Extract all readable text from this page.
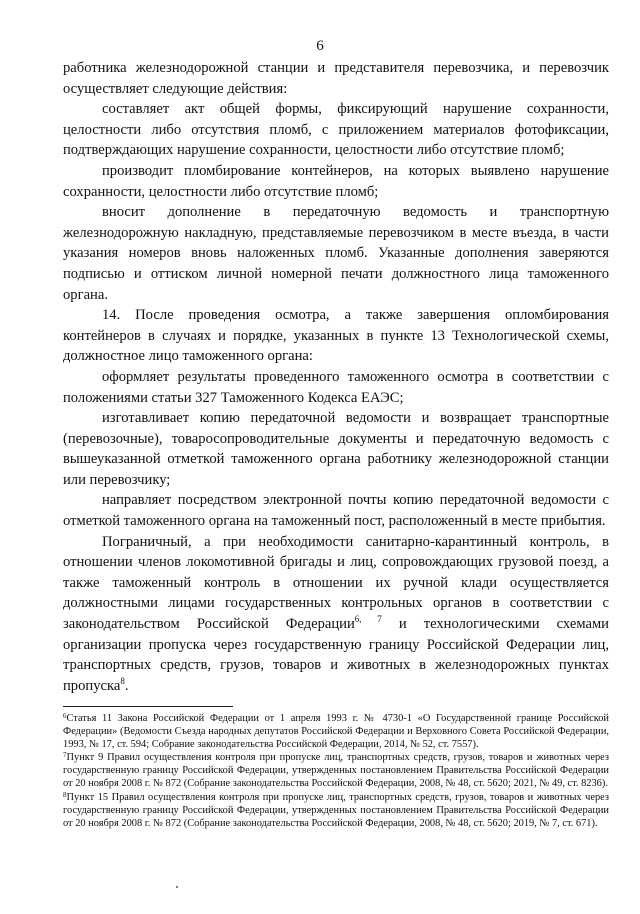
6

работника железнодорожной станции и представителя перевозчика, и перевозчик осуществляет следующие действия:

составляет акт общей формы, фиксирующий нарушение сохранности, целостности либо отсутствия пломб, с приложением материалов фотофиксации, подтверждающих нарушение сохранности, целостности либо отсутствие пломб;

производит пломбирование контейнеров, на которых выявлено нарушение сохранности, целостности либо отсутствие пломб;

вносит дополнение в передаточную ведомость и транспортную железнодорожную накладную, представляемые перевозчиком в месте въезда, в части указания номеров вновь наложенных пломб. Указанные дополнения заверяются подписью и оттиском личной номерной печати должностного лица таможенного органа.

14. После проведения осмотра, а также завершения опломбирования контейнеров в случаях и порядке, указанных в пункте 13 Технологической схемы, должностное лицо таможенного органа:

оформляет результаты проведенного таможенного осмотра в соответствии с положениями статьи 327 Таможенного Кодекса ЕАЭС;

изготавливает копию передаточной ведомости и возвращает транспортные (перевозочные), товаросопроводительные документы и передаточную ведомость с вышеуказанной отметкой таможенного органа работнику железнодорожной станции или перевозчику;

направляет посредством электронной почты копию передаточной ведомости с отметкой таможенного органа на таможенный пост, расположенный в месте прибытия.

Пограничный, а при необходимости санитарно-карантинный контроль, в отношении членов локомотивной бригады и лиц, сопровождающих грузовой поезд, а также таможенный контроль в отношении их ручной клади осуществляется должностными лицами государственных контрольных органов в соответствии с законодательством Российской Федерации$^{6, 7}$ и технологическими схемами организации пропуска через государственную границу Российской Федерации лиц, транспортных средств, грузов, товаров и животных в железнодорожных пунктах пропуска$^8$.

$^6$Статья 11 Закона Российской Федерации от 1 апреля 1993 г. № 4730-1 «О Государственной границе Российской Федерации» (Ведомости Съезда народных депутатов Российской Федерации и Верховного Совета Российской Федерации, 1993, № 17, ст. 594; Собрание законодательства Российской Федерации, 2014, № 52, ст. 7557).

$^7$Пункт 9 Правил осуществления контроля при пропуске лиц, транспортных средств, грузов, товаров и животных через государственную границу Российской Федерации, утвержденных постановлением Правительства Российской Федерации от 20 ноября 2008 г. № 872 (Собрание законодательства Российской Федерации, 2008, № 48, ст. 5620; 2021, № 49, ст. 8236).

$^8$Пункт 15 Правил осуществления контроля при пропуске лиц, транспортных средств, грузов, товаров и животных через государственную границу Российской Федерации, утвержденных постановлением Правительства Российской Федерации от 20 ноября 2008 г. № 872 (Собрание законодательства Российской Федерации, 2008, № 48, ст. 5620; 2019, № 7, ст. 671).
